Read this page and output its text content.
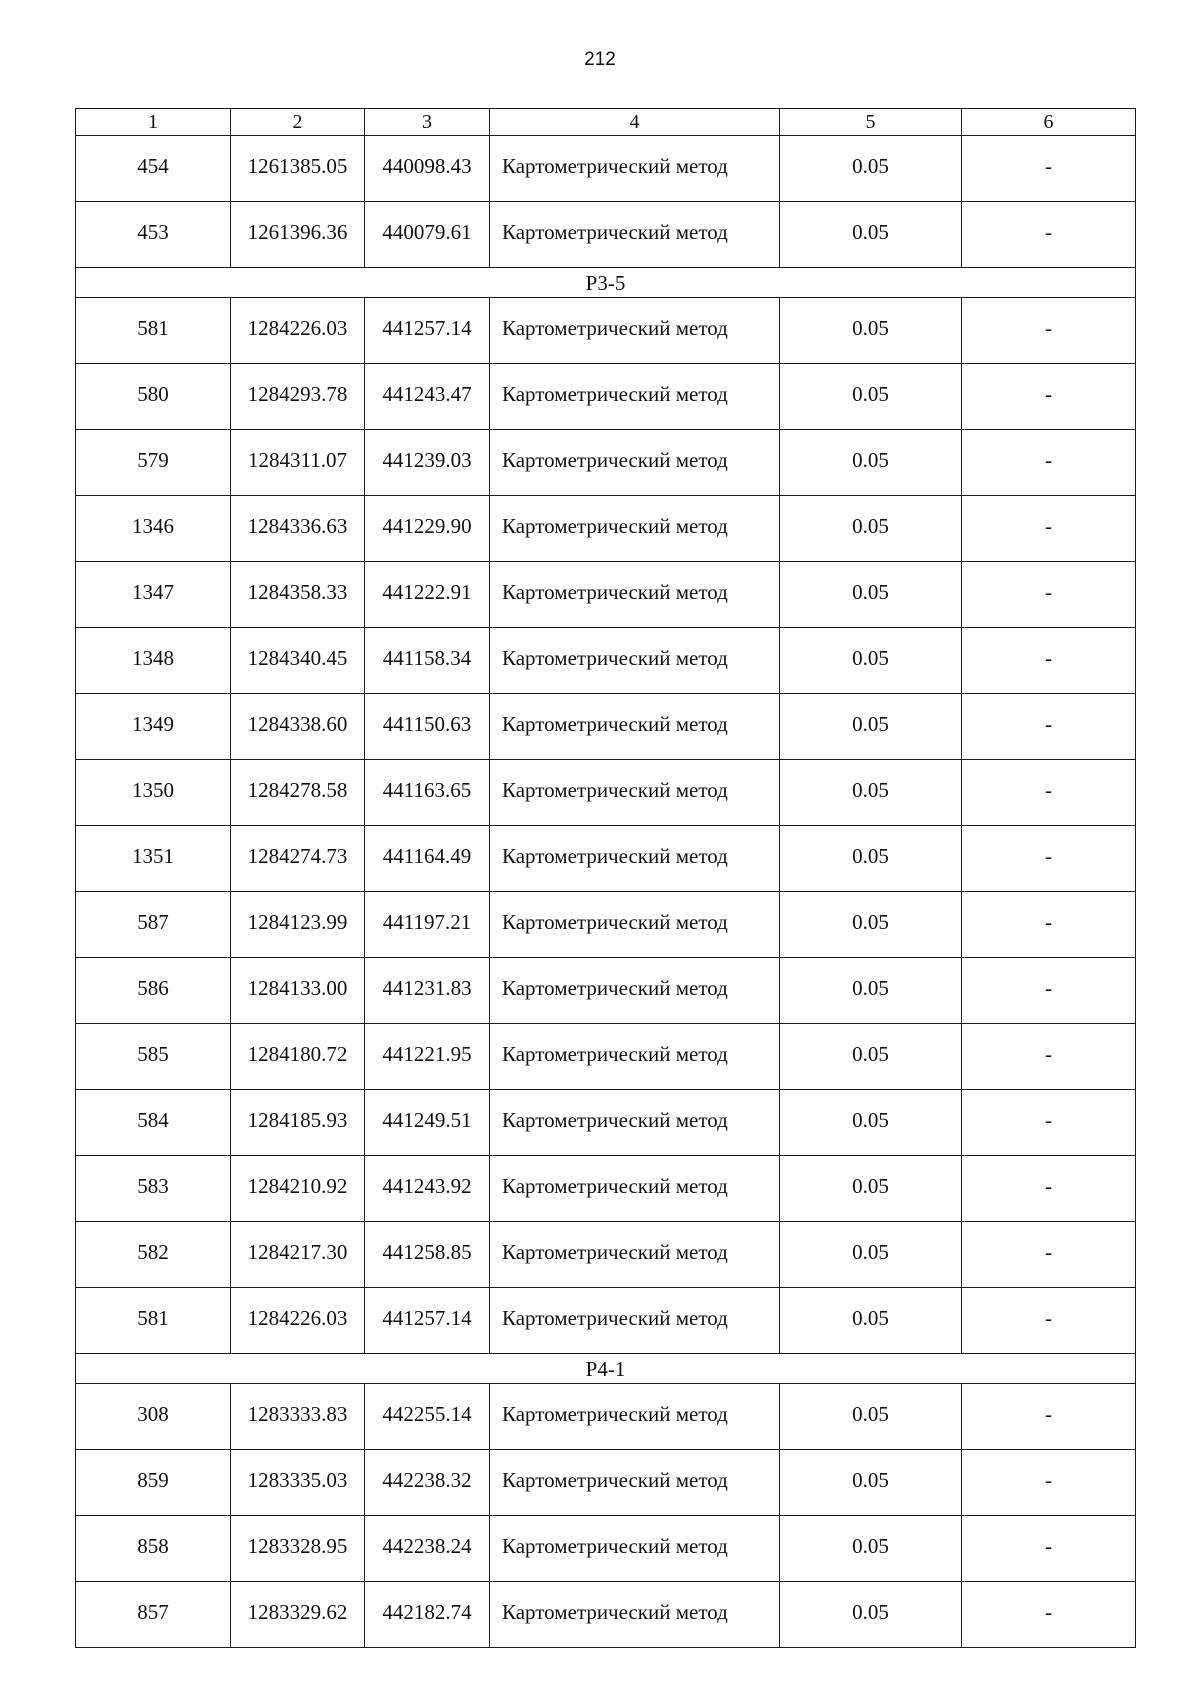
212
1	2	3	4	5	6
454	1261385.05	440098.43	Картометрический метод	0.05	-
453	1261396.36	440079.61	Картометрический метод	0.05	-
Р3-5					
581	1284226.03	441257.14	Картометрический метод	0.05	-
580	1284293.78	441243.47	Картометрический метод	0.05	-
579	1284311.07	441239.03	Картометрический метод	0.05	-
1346	1284336.63	441229.90	Картометрический метод	0.05	-
1347	1284358.33	441222.91	Картометрический метод	0.05	-
1348	1284340.45	441158.34	Картометрический метод	0.05	-
1349	1284338.60	441150.63	Картометрический метод	0.05	-
1350	1284278.58	441163.65	Картометрический метод	0.05	-
1351	1284274.73	441164.49	Картометрический метод	0.05	-
587	1284123.99	441197.21	Картометрический метод	0.05	-
586	1284133.00	441231.83	Картометрический метод	0.05	-
585	1284180.72	441221.95	Картометрический метод	0.05	-
584	1284185.93	441249.51	Картометрический метод	0.05	-
583	1284210.92	441243.92	Картометрический метод	0.05	-
582	1284217.30	441258.85	Картометрический метод	0.05	-
581	1284226.03	441257.14	Картометрический метод	0.05	-
Р4-1					
308	1283333.83	442255.14	Картометрический метод	0.05	-
859	1283335.03	442238.32	Картометрический метод	0.05	-
858	1283328.95	442238.24	Картометрический метод	0.05	-
857	1283329.62	442182.74	Картометрический метод	0.05	-
